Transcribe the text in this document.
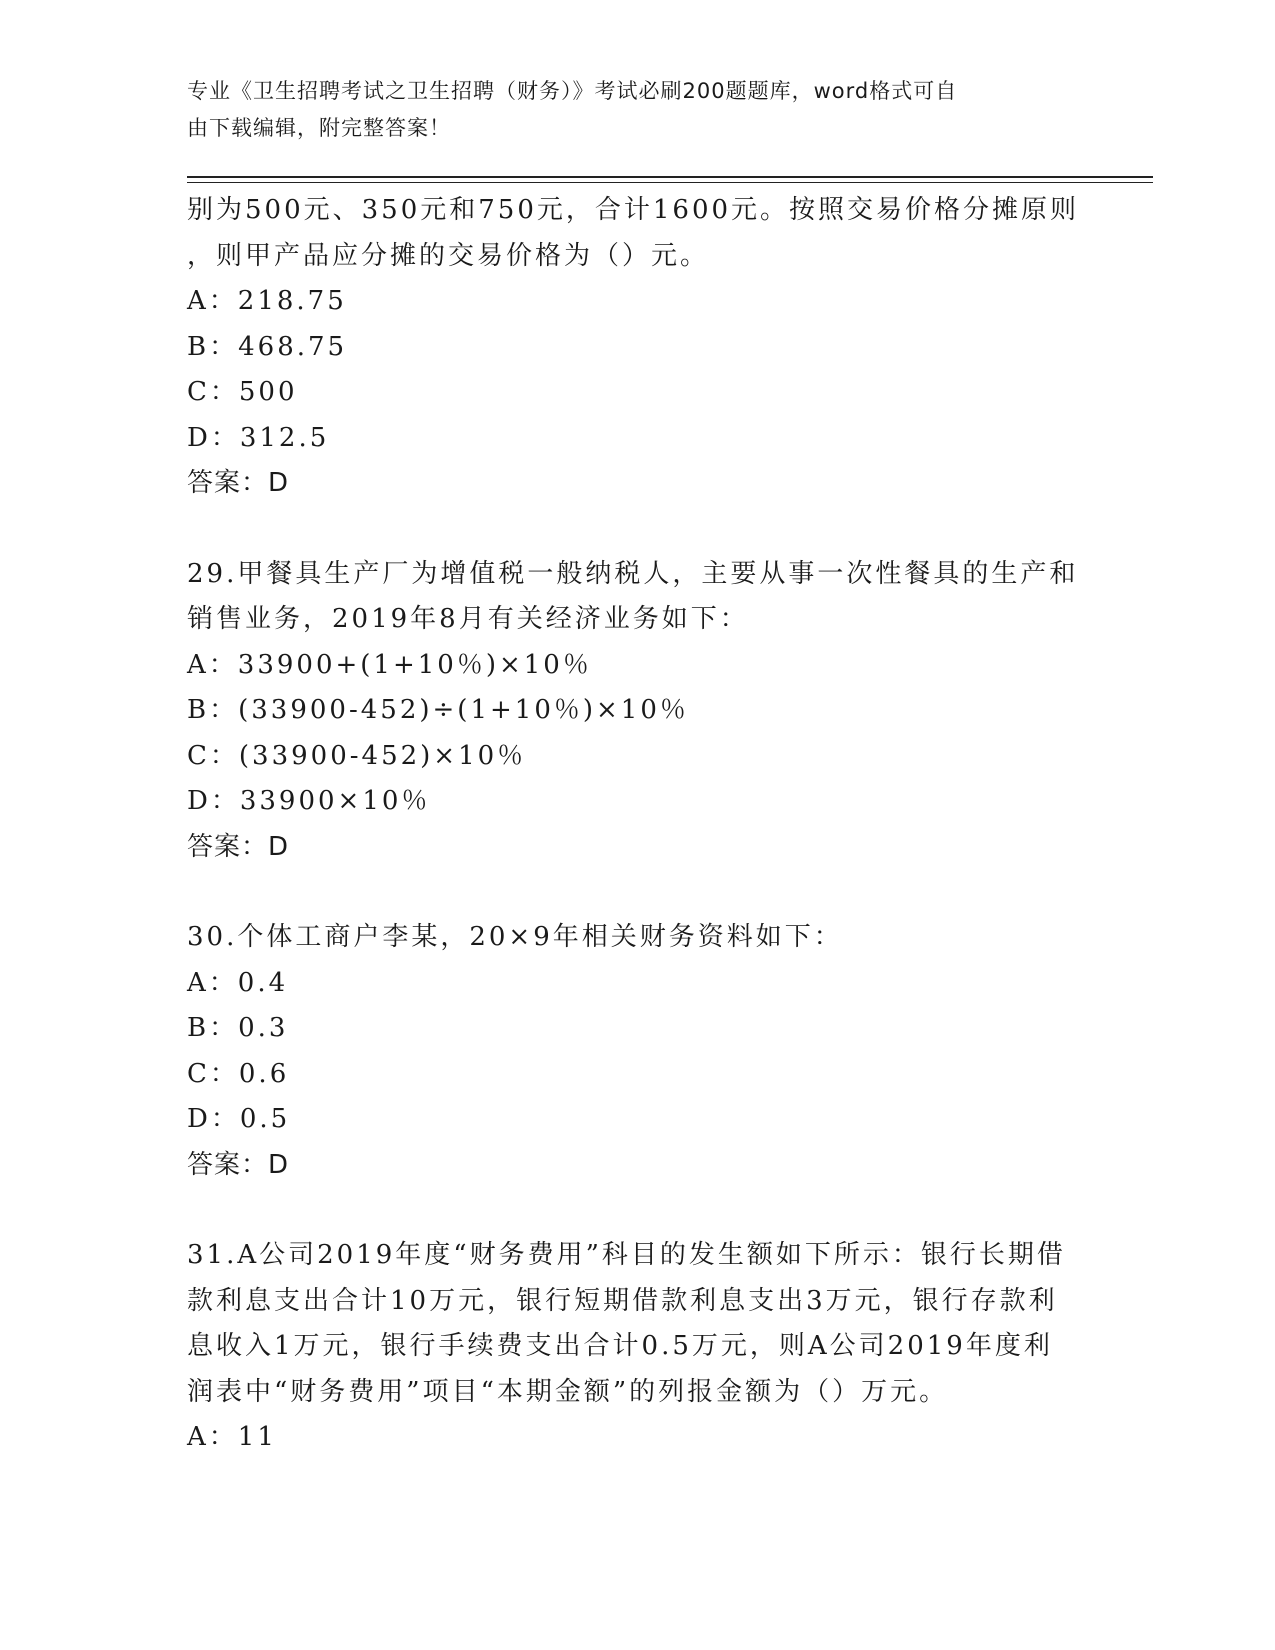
专业《卫生招聘考试之卫生招聘（财务）》考试必刷200题题库，word格式可自
由下载编辑，附完整答案！
别为500元、350元和750元，合计1600元。按照交易价格分摊原则
，则甲产品应分摊的交易价格为（）元。
A：218.75
B：468.75
C：500
D：312.5
答案：D
29.甲餐具生产厂为增值税一般纳税人，主要从事一次性餐具的生产和
销售业务，2019年8月有关经济业务如下：
A：33900+(1+10％)×10％
B：(33900-452)÷(1+10％)×10％
C：(33900-452)×10％
D：33900×10％
答案：D
30.个体工商户李某，20×9年相关财务资料如下：
A：0.4
B：0.3
C：0.6
D：0.5
答案：D
31.A公司2019年度“财务费用”科目的发生额如下所示：银行长期借
款利息支出合计10万元，银行短期借款利息支出3万元，银行存款利
息收入1万元，银行手续费支出合计0.5万元，则A公司2019年度利
润表中“财务费用”项目“本期金额”的列报金额为（）万元。
A：11
